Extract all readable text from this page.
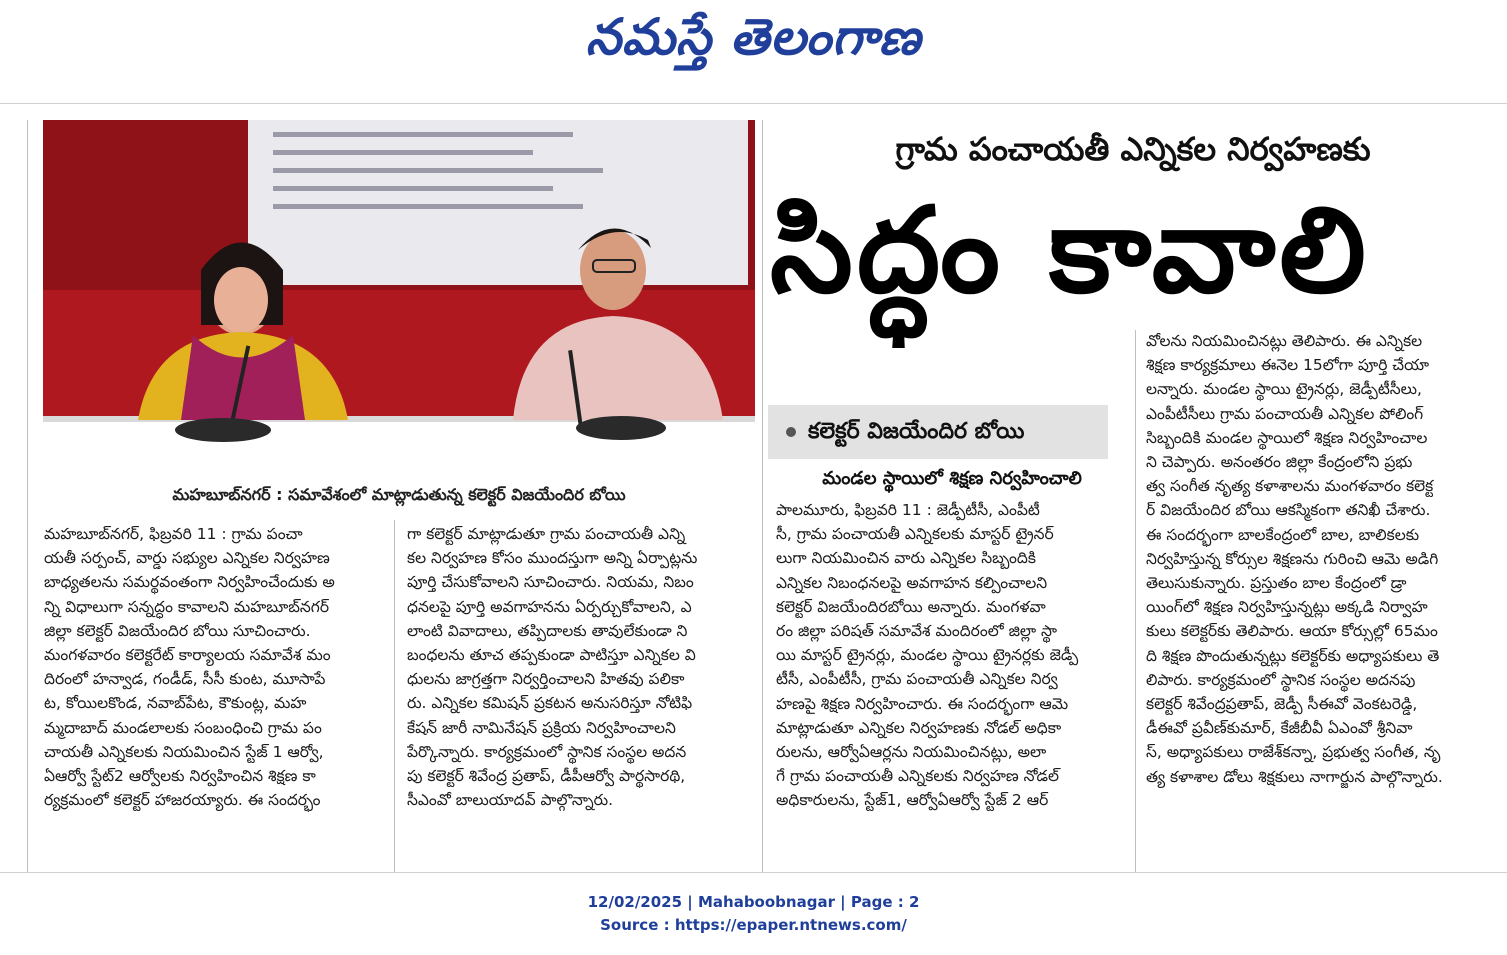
నమస్తే తెలంగాణ
మహబూబ్‌నగర్ : సమావేశంలో మాట్లాడుతున్న కలెక్టర్ విజయేందిర బోయి
గ్రామ పంచాయతీ ఎన్నికల నిర్వహణకు
సిద్ధం కావాలి
కలెక్టర్ విజయేందిర బోయి
మండల స్థాయిలో శిక్షణ నిర్వహించాలి

మహబూబ్‌నగర్, ఫిబ్రవరి 11 : గ్రామ పంచా

యతీ సర్పంచ్, వార్డు సభ్యుల ఎన్నికల నిర్వహణ

బాధ్యతలను సమర్థవంతంగా నిర్వహించేందుకు అ

న్ని విధాలుగా సన్నద్ధం కావాలని మహబూబ్‌నగర్

జిల్లా కలెక్టర్ విజయేందిర బోయి సూచించారు.

మంగళవారం కలెక్టరేట్ కార్యాలయ సమావేశ మం

దిరంలో హన్వాడ, గండీడ్, సీసీ కుంట, మూసాపే

ట, కోయిలకొండ, నవాబ్‌పేట, కౌకుంట్ల, మహ

మ్మదాబాద్ మండలాలకు సంబంధించి గ్రామ పం

చాయతీ ఎన్నికలకు నియమించిన స్టేజ్ 1 ఆర్వో,

ఏఆర్వో స్టేట్2 ఆర్వోలకు నిర్వహించిన శిక్షణ కా

ర్యక్రమంలో కలెక్టర్ హాజరయ్యారు. ఈ సందర్భం

గా కలెక్టర్ మాట్లాడుతూ గ్రామ పంచాయతీ ఎన్ని

కల నిర్వహణ కోసం ముందస్తుగా అన్ని ఏర్పాట్లను

పూర్తి చేసుకోవాలని సూచించారు. నియమ, నిబం

ధనలపై పూర్తి అవగాహనను ఏర్పర్చుకోవాలని, ఎ

లాంటి వివాదాలు, తప్పిదాలకు తావులేకుండా ని

బంధలను తూచ తప్పకుండా పాటిస్తూ ఎన్నికల వి

ధులను జాగ్రత్తగా నిర్వర్తించాలని హితవు పలికా

రు. ఎన్నికల కమిషన్ ప్రకటన అనుసరిస్తూ నోటిఫి

కేషన్ జారీ నామినేషన్ ప్రక్రియ నిర్వహించాలని

పేర్కొన్నారు. కార్యక్రమంలో స్థానిక సంస్థల అదన

పు కలెక్టర్ శివేంద్ర ప్రతాప్, డీపీఆర్వో పార్థసారథి,

సీఎంవో బాలుయాదవ్ పాల్గొన్నారు.

పాలమూరు, ఫిబ్రవరి 11 : జెడ్పీటీసీ, ఎంపీటీ

సీ, గ్రామ పంచాయతీ ఎన్నికలకు మాస్టర్ ట్రైనర్

లుగా నియమించిన వారు ఎన్నికల సిబ్బందికి

ఎన్నికల నిబంధనలపై అవగాహన కల్పించాలని

కలెక్టర్ విజయేందిరబోయి అన్నారు. మంగళవా

రం జిల్లా పరిషత్ సమావేశ మందిరంలో జిల్లా స్థా

యి మాస్టర్ ట్రైనర్లు, మండల స్థాయి ట్రైనర్లకు జెడ్పీ

టీసీ, ఎంపీటీసీ, గ్రామ పంచాయతీ ఎన్నికల నిర్వ

హణపై శిక్షణ నిర్వహించారు. ఈ సందర్భంగా ఆమె

మాట్లాడుతూ ఎన్నికల నిర్వహణకు నోడల్ అధికా

రులను, ఆర్వోఏఆర్లను నియమించినట్లు, అలా

గే గ్రామ పంచాయతీ ఎన్నికలకు నిర్వహణ నోడల్

అధికారులను, స్టేజ్1, ఆర్వోఏఆర్వో స్టేజ్ 2 ఆర్

వోలను నియమించినట్లు తెలిపారు. ఈ ఎన్నికల

శిక్షణ కార్యక్రమాలు ఈనెల 15లోగా పూర్తి చేయా

లన్నారు. మండల స్థాయి ట్రైనర్లు, జెడ్పీటీసీలు,

ఎంపీటీసీలు గ్రామ పంచాయతీ ఎన్నికల పోలింగ్

సిబ్బందికి మండల స్థాయిలో శిక్షణ నిర్వహించాల

ని చెప్పారు. అనంతరం జిల్లా కేంద్రంలోని ప్రభు

త్వ సంగీత నృత్య కళాశాలను మంగళవారం కలెక్ట

ర్ విజయేందిర బోయి ఆకస్మికంగా తనిఖీ చేశారు.

ఈ సందర్భంగా బాలకేంద్రంలో బాల, బాలికలకు

నిర్వహిస్తున్న కోర్సుల శిక్షణను గురించి ఆమె అడిగి

తెలుసుకున్నారు. ప్రస్తుతం బాల కేంద్రంలో డ్రా

యింగ్‌లో శిక్షణ నిర్వహిస్తున్నట్లు అక్కడి నిర్వాహ

కులు కలెక్టర్‌కు తెలిపారు. ఆయా కోర్సుల్లో 65మం

ది శిక్షణ పొందుతున్నట్లు కలెక్టర్‌కు అధ్యాపకులు తె

లిపారు. కార్యక్రమంలో స్థానిక సంస్థల అదనపు

కలెక్టర్ శివేంద్రప్రతాప్, జెడ్పీ సీఈవో వెంకటరెడ్డి,

డీఈవో ప్రవీణ్‌కుమార్, కేజీబీవీ ఏఎంవో శ్రీనివా

స్, అధ్యాపకులు రాజేశ్‌కన్నా, ప్రభుత్వ సంగీత, నృ

త్య కళాశాల డోలు శిక్షకులు నాగార్జున పాల్గొన్నారు.

12/02/2025 | Mahaboobnagar | Page : 2
Source : https://epaper.ntnews.com/
